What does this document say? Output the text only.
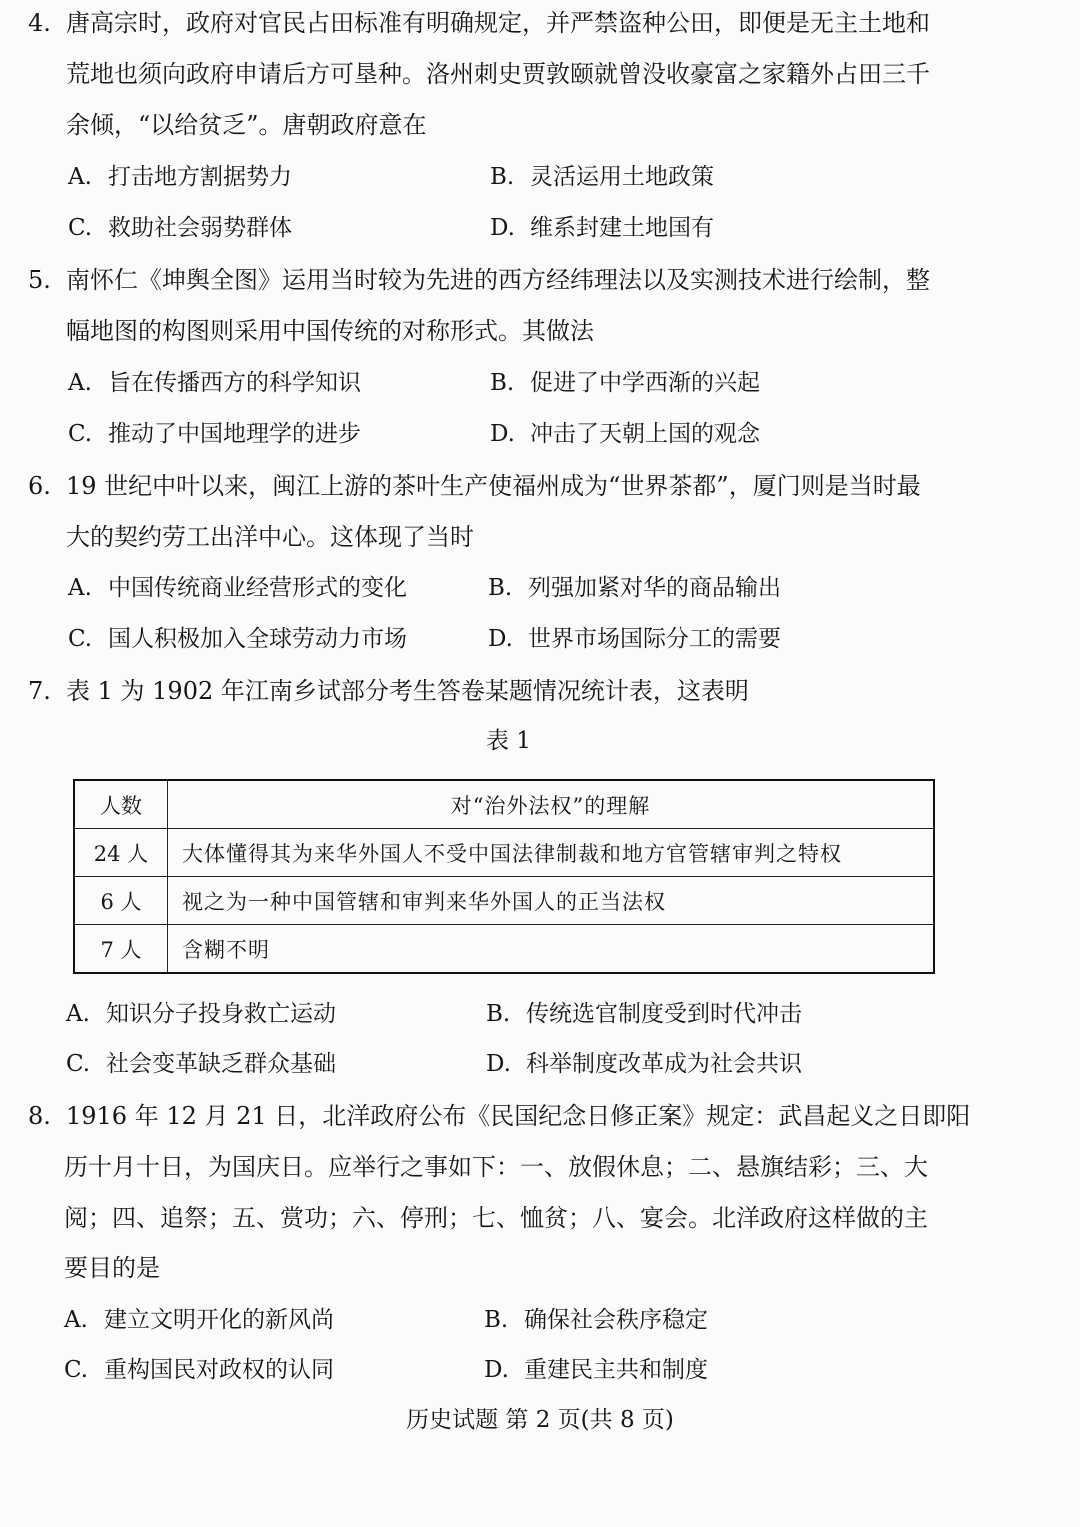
4. 唐高宗时，政府对官民占田标准有明确规定，并严禁盗种公田，即便是无主土地和
荒地也须向政府申请后方可垦种。洛州刺史贾敦颐就曾没收豪富之家籍外占田三千
余倾，“以给贫乏”。唐朝政府意在
A. 打击地方割据势力	B. 灵活运用土地政策
C. 救助社会弱势群体	D. 维系封建土地国有
5. 南怀仁《坤舆全图》运用当时较为先进的西方经纬理法以及实测技术进行绘制，整
幅地图的构图则采用中国传统的对称形式。其做法
A. 旨在传播西方的科学知识	B. 促进了中学西渐的兴起
C. 推动了中国地理学的进步	D. 冲击了天朝上国的观念
6. 19 世纪中叶以来，闽江上游的茶叶生产使福州成为“世界茶都”，厦门则是当时最
大的契约劳工出洋中心。这体现了当时
A. 中国传统商业经营形式的变化	B. 列强加紧对华的商品输出
C. 国人积极加入全球劳动力市场	D. 世界市场国际分工的需要
7. 表 1 为 1902 年江南乡试部分考生答卷某题情况统计表，这表明
表 1
人数	对“治外法权”的理解
24 人	大体懂得其为来华外国人不受中国法律制裁和地方官管辖审判之特权
6 人	视之为一种中国管辖和审判来华外国人的正当法权
7 人	含糊不明
A. 知识分子投身救亡运动	B. 传统选官制度受到时代冲击
C. 社会变革缺乏群众基础	D. 科举制度改革成为社会共识
8. 1916 年 12 月 21 日，北洋政府公布《民国纪念日修正案》规定：武昌起义之日即阳
历十月十日，为国庆日。应举行之事如下：一、放假休息；二、悬旗结彩；三、大
阅；四、追祭；五、赏功；六、停刑；七、恤贫；八、宴会。北洋政府这样做的主
要目的是
A. 建立文明开化的新风尚	B. 确保社会秩序稳定
C. 重构国民对政权的认同	D. 重建民主共和制度
历史试题 第 2 页(共 8 页)
